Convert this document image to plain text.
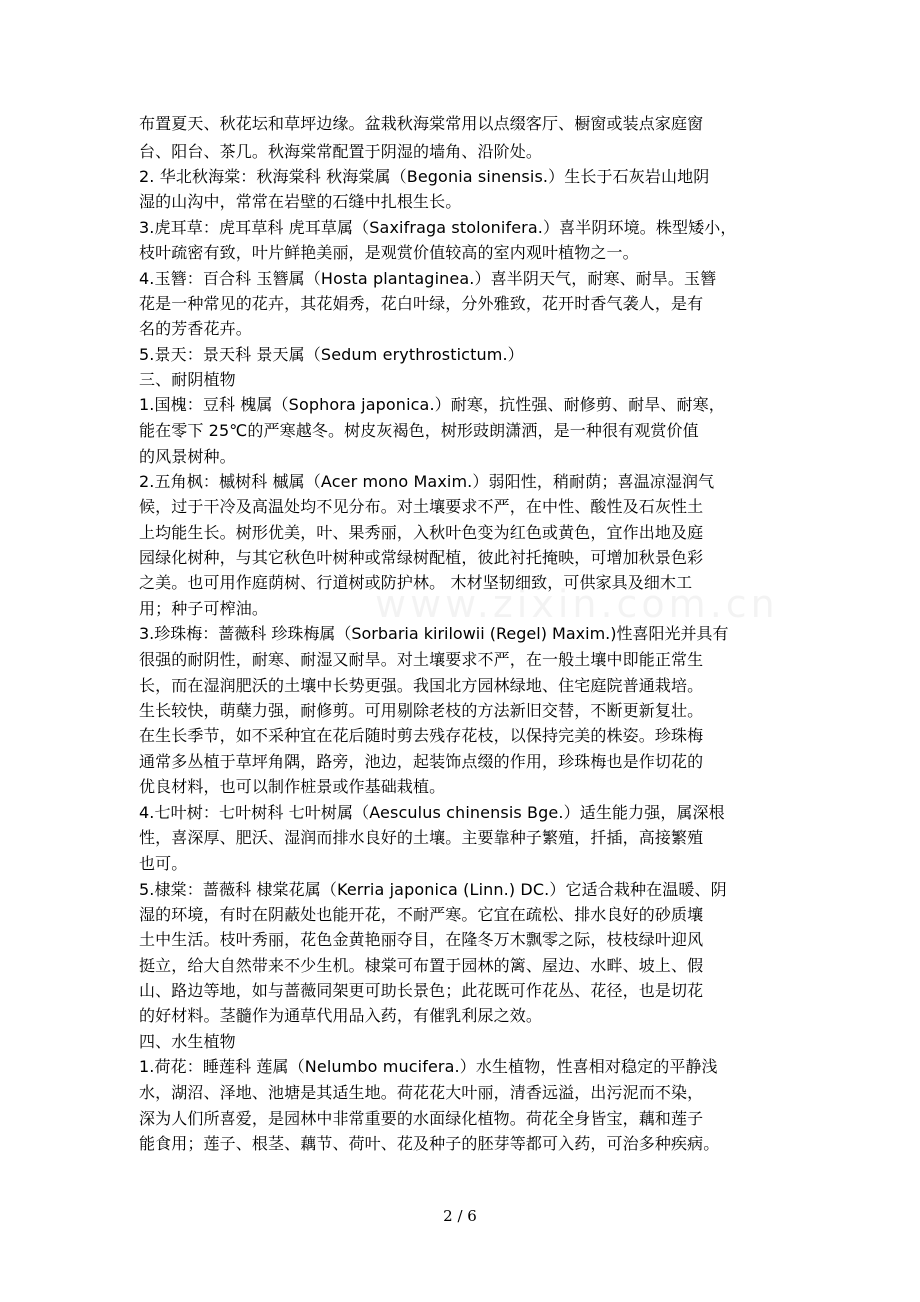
布置夏天、秋花坛和草坪边缘。盆栽秋海棠常用以点缀客厅、橱窗或装点家庭窗
台、阳台、茶几。秋海棠常配置于阴湿的墙角、沿阶处。
2. 华北秋海棠：秋海棠科 秋海棠属（Begonia sinensis.）生长于石灰岩山地阴
湿的山沟中，常常在岩壁的石缝中扎根生长。
3.虎耳草：虎耳草科 虎耳草属（Saxifraga stolonifera.）喜半阴环境。株型矮小，
枝叶疏密有致，叶片鲜艳美丽，是观赏价值较高的室内观叶植物之一。
4.玉簪：百合科 玉簪属（Hosta plantaginea.）喜半阴天气，耐寒、耐旱。玉簪
花是一种常见的花卉，其花娟秀，花白叶绿，分外雅致，花开时香气袭人，是有
名的芳香花卉。
5.景天：景天科 景天属（Sedum erythrostictum.）
三、耐阴植物
1.国槐：豆科 槐属（Sophora japonica.）耐寒，抗性强、耐修剪、耐旱、耐寒，
能在零下 25℃的严寒越冬。树皮灰褐色，树形豉朗潇洒，是一种很有观赏价值
的风景树种。
2.五角枫：槭树科 槭属（Acer mono Maxim.）弱阳性，稍耐荫；喜温凉湿润气
候，过于干冷及高温处均不见分布。对土壤要求不严，在中性、酸性及石灰性土
上均能生长。树形优美，叶、果秀丽，入秋叶色变为红色或黄色，宜作出地及庭
园绿化树种，与其它秋色叶树种或常绿树配植，彼此衬托掩映，可增加秋景色彩
之美。也可用作庭荫树、行道树或防护林。 木材坚韧细致，可供家具及细木工
用；种子可榨油。
3.珍珠梅：蔷薇科 珍珠梅属（Sorbaria kirilowii (Regel) Maxim.)性喜阳光并具有
很强的耐阴性，耐寒、耐湿又耐旱。对土壤要求不严，在一般土壤中即能正常生
长，而在湿润肥沃的土壤中长势更强。我国北方园林绿地、住宅庭院普通栽培。
生长较快，萌蘖力强，耐修剪。可用剔除老枝的方法新旧交替，不断更新复壮。
在生长季节，如不采种宜在花后随时剪去残存花枝，以保持完美的株姿。珍珠梅
通常多丛植于草坪角隅，路旁，池边，起装饰点缀的作用，珍珠梅也是作切花的
优良材料，也可以制作桩景或作基础栽植。
4.七叶树：七叶树科 七叶树属（Aesculus chinensis Bge.）适生能力强，属深根
性，喜深厚、肥沃、湿润而排水良好的土壤。主要靠种子繁殖，扦插，高接繁殖
也可。
5.棣棠：蔷薇科 棣棠花属（Kerria japonica (Linn.) DC.）它适合栽种在温暖、阴
湿的环境，有时在阴蔽处也能开花，不耐严寒。它宜在疏松、排水良好的砂质壤
土中生活。枝叶秀丽，花色金黄艳丽夺目，在隆冬万木飘零之际，枝枝绿叶迎风
挺立，给大自然带来不少生机。棣棠可布置于园林的篱、屋边、水畔、坡上、假
山、路边等地，如与蔷薇同架更可助长景色；此花既可作花丛、花径，也是切花
的好材料。茎髓作为通草代用品入药，有催乳利尿之效。
四、水生植物
1.荷花：睡莲科 莲属（Nelumbo mucifera.）水生植物，性喜相对稳定的平静浅
水，湖沼、泽地、池塘是其适生地。荷花花大叶丽，清香远溢，出污泥而不染，
深为人们所喜爱，是园林中非常重要的水面绿化植物。荷花全身皆宝，藕和莲子
能食用；莲子、根茎、藕节、荷叶、花及种子的胚芽等都可入药，可治多种疾病。
2 / 6
